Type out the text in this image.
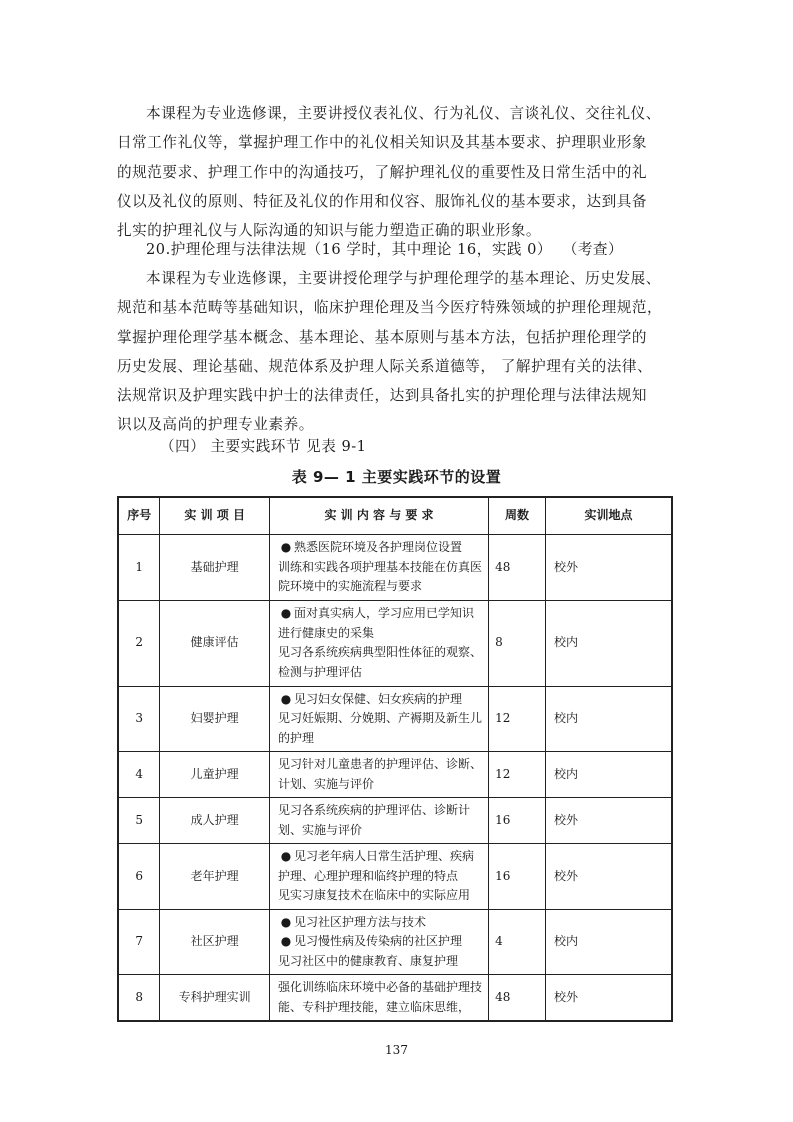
本课程为专业选修课，主要讲授仪表礼仪、行为礼仪、言谈礼仪、交往礼仪、
日常工作礼仪等，掌握护理工作中的礼仪相关知识及其基本要求、护理职业形象
的规范要求、护理工作中的沟通技巧，了解护理礼仪的重要性及日常生活中的礼
仪以及礼仪的原则、特征及礼仪的作用和仪容、服饰礼仪的基本要求，达到具备
扎实的护理礼仪与人际沟通的知识与能力塑造正确的职业形象。
20.护理伦理与法律法规（16 学时，其中理论 16，实践 0） （考查）
本课程为专业选修课，主要讲授伦理学与护理伦理学的基本理论、历史发展、
规范和基本范畴等基础知识，临床护理伦理及当今医疗特殊领域的护理伦理规范，
掌握护理伦理学基本概念、基本理论、基本原则与基本方法，包括护理伦理学的
历史发展、理论基础、规范体系及护理人际关系道德等， 了解护理有关的法律、
法规常识及护理实践中护士的法律责任，达到具备扎实的护理伦理与法律法规知
识以及高尚的护理专业素养。
（四） 主要实践环节 见表 9-1
表 9— 1 主要实践环节的设置
序号	实 训 项 目	实 训 内 容 与 要 求	周数	实训地点
1	基础护理	● 熟悉医院环境及各护理岗位设置
训练和实践各项护理基本技能在仿真医院环境中的实施流程与要求	48	校外
2	健康评估	● 面对真实病人，学习应用已学知识进行健康史的采集
见习各系统疾病典型阳性体征的观察、检测与护理评估	8	校内
3	妇婴护理	● 见习妇女保健、妇女疾病的护理
见习妊娠期、分娩期、产褥期及新生儿的护理	12	校内
4	儿童护理	见习针对儿童患者的护理评估、诊断、计划、实施与评价	12	校内
5	成人护理	见习各系统疾病的护理评估、诊断计划、实施与评价	16	校外
6	老年护理	● 见习老年病人日常生活护理、疾病护理、心理护理和临终护理的特点
见实习康复技术在临床中的实际应用	16	校外
7	社区护理	● 见习社区护理方法与技术
● 见习慢性病及传染病的社区护理
见习社区中的健康教育、康复护理	4	校内
8	专科护理实训	强化训练临床环境中必备的基础护理技能、专科护理技能，建立临床思维，	48	校外
137
